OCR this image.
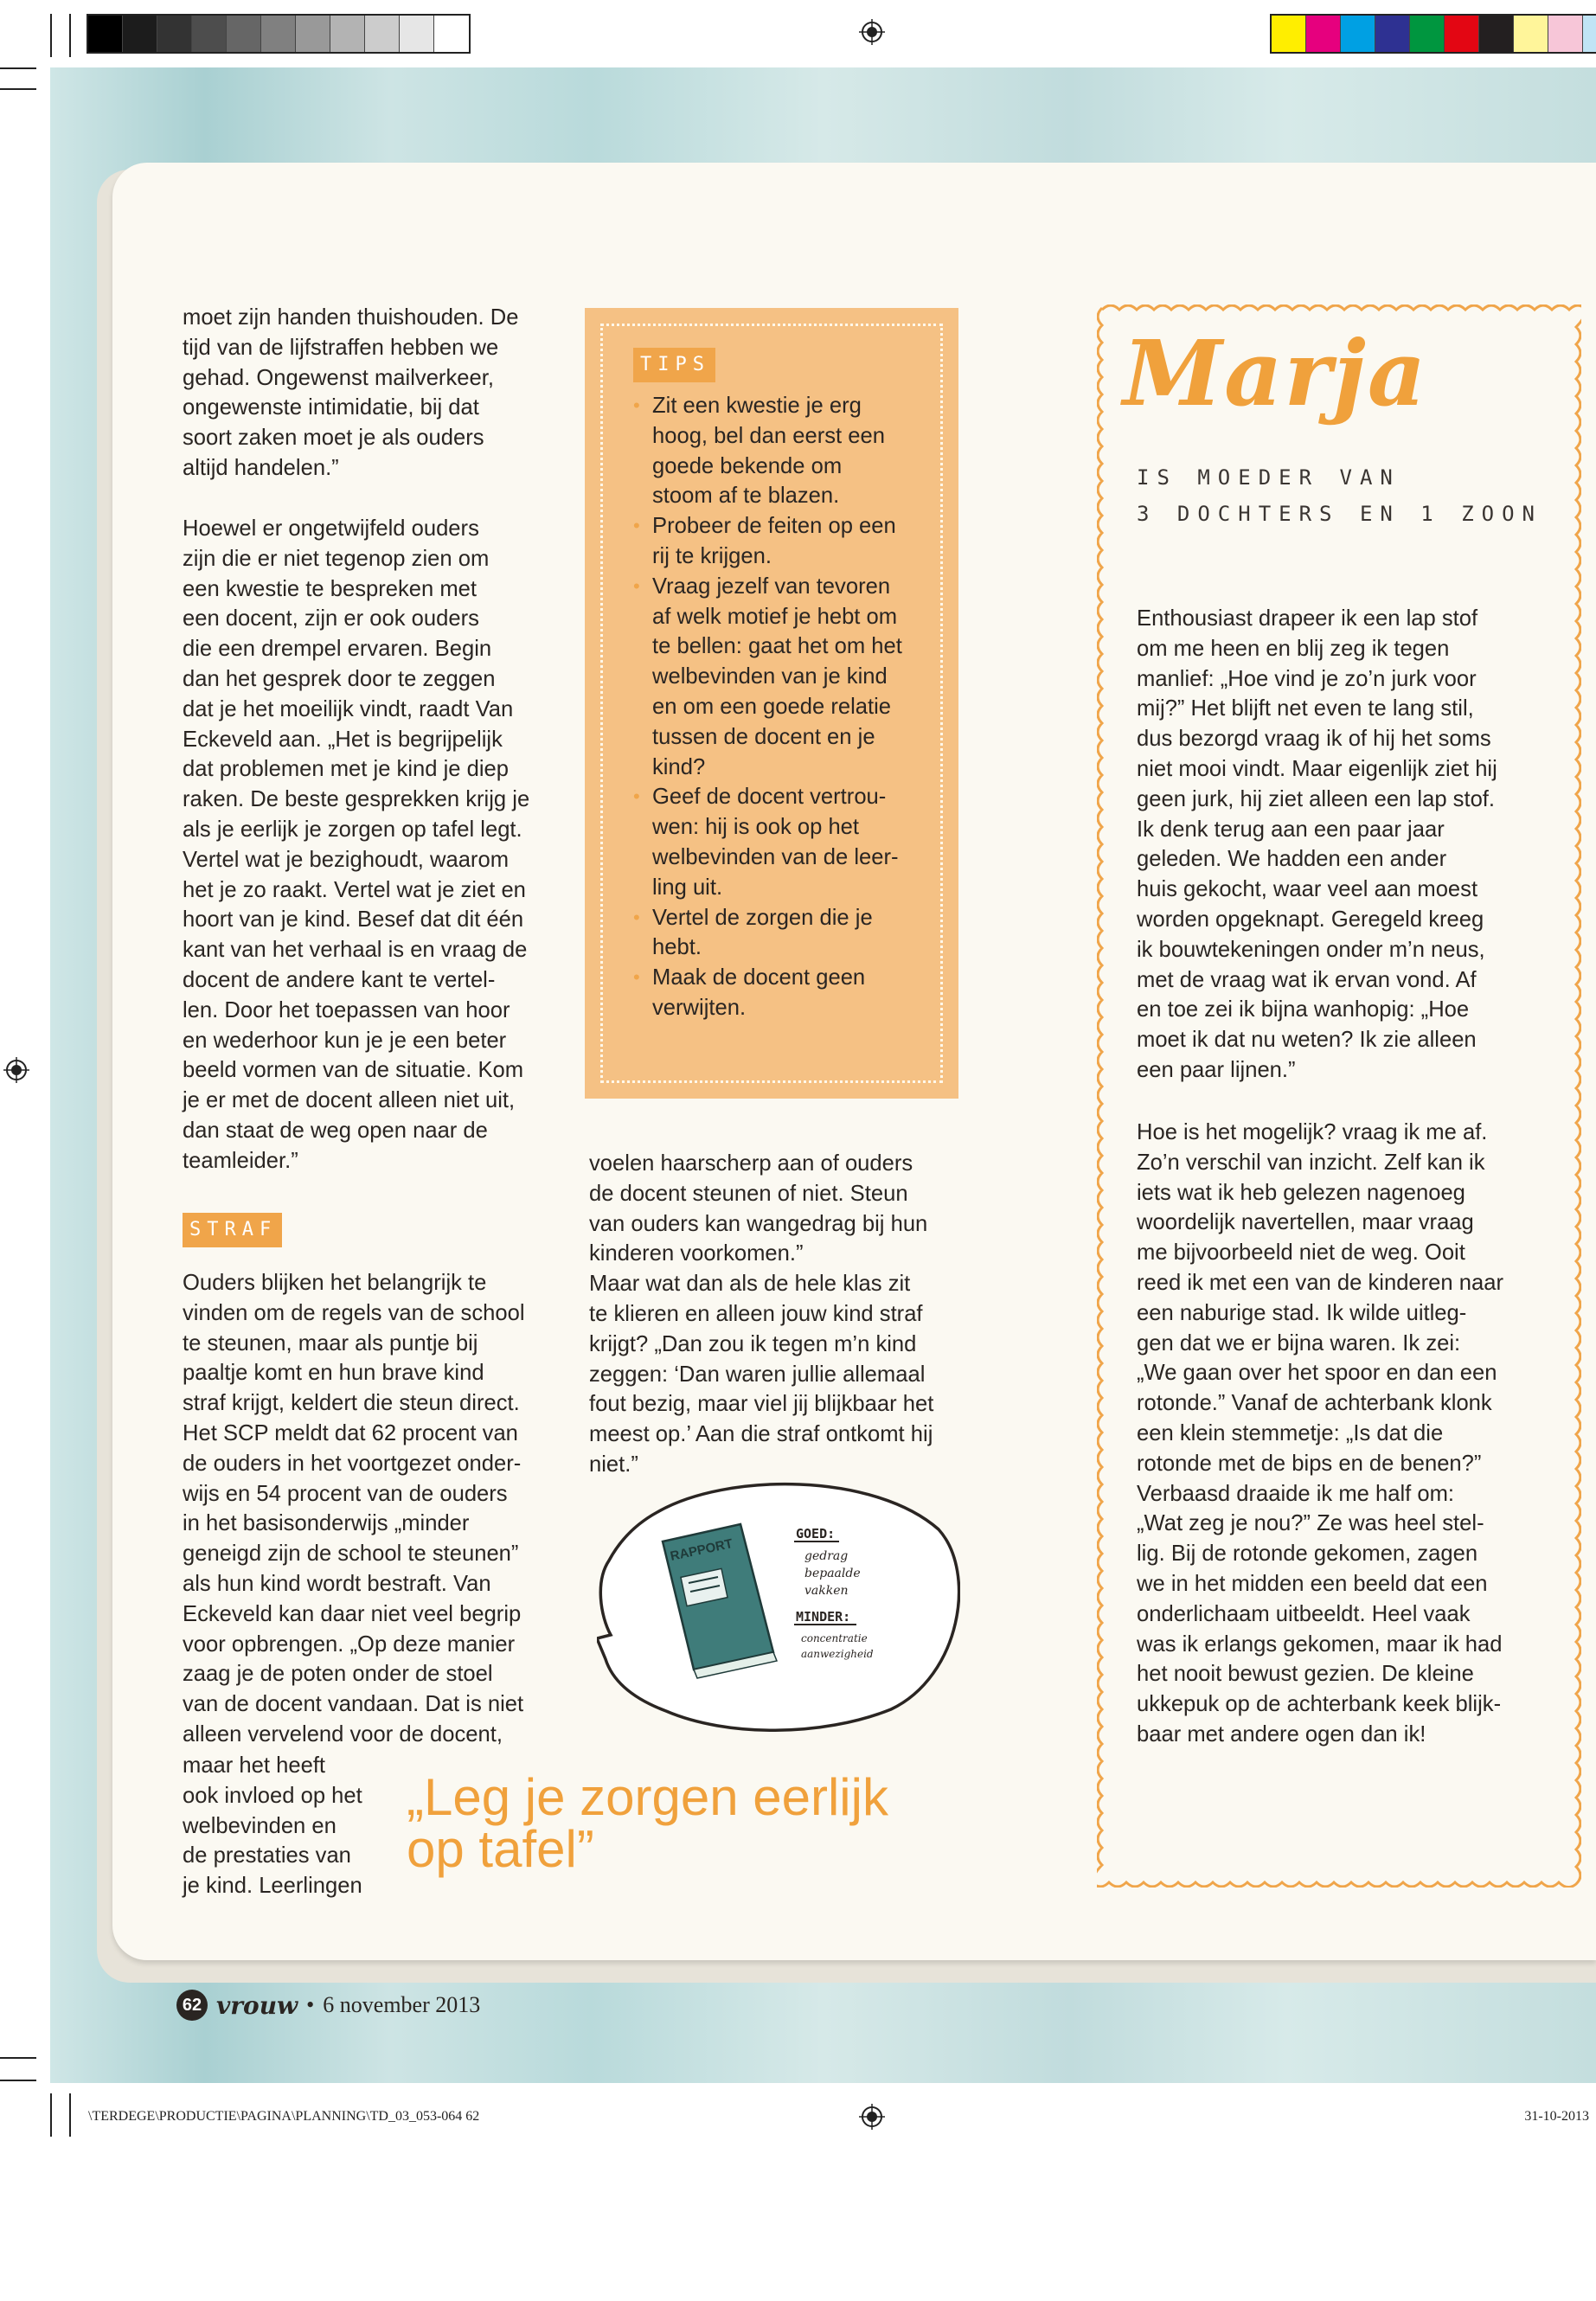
moet zijn handen thuishouden. De
tijd van de lijfstraffen hebben we
gehad. Ongewenst mailverkeer,
ongewenste intimidatie, bij dat
soort zaken moet je als ouders
altijd handelen.”

Hoewel er ongetwijfeld ouders
zijn die er niet tegenop zien om
een kwestie te bespreken met
een docent, zijn er ook ouders
die een drempel ervaren. Begin
dan het gesprek door te zeggen
dat je het moeilijk vindt, raadt Van
Eckeveld aan. „Het is begrijpelijk
dat problemen met je kind je diep
raken. De beste gesprekken krijg je
als je eerlijk je zorgen op tafel legt.
Vertel wat je bezighoudt, waarom
het je zo raakt. Vertel wat je ziet en
hoort van je kind. Besef dat dit één
kant van het verhaal is en vraag de
docent de andere kant te vertel-
len. Door het toepassen van hoor
en wederhoor kun je je een beter
beeld vormen van de situatie. Kom
je er met de docent alleen niet uit,
dan staat de weg open naar de
teamleider.”

STRAF

Ouders blijken het belangrijk te
vinden om de regels van de school
te steunen, maar als puntje bij
paaltje komt en hun brave kind
straf krijgt, keldert die steun direct.
Het SCP meldt dat 62 procent van
de ouders in het voortgezet onder-
wijs en 54 procent van de ouders
in het basisonderwijs „minder
geneigd zijn de school te steunen”
als hun kind wordt bestraft. Van
Eckeveld kan daar niet veel begrip
voor opbrengen. „Op deze manier
zaag je de poten onder de stoel
van de docent vandaan. Dat is niet
alleen vervelend voor de docent,

maar het heeft
ook invloed op het
welbevinden en
de prestaties van
je kind. Leerlingen

TIPS
• Zit een kwestie je erg
hoog, bel dan eerst een
goede bekende om
stoom af te blazen.
• Probeer de feiten op een
rij te krijgen.
• Vraag jezelf van tevoren
af welk motief je hebt om
te bellen: gaat het om het
welbevinden van je kind
en om een goede relatie
tussen de docent en je
kind?
• Geef de docent vertrou-
wen: hij is ook op het
welbevinden van de leer-
ling uit.
• Vertel de zorgen die je
hebt.
• Maak de docent geen
verwijten.

voelen haarscherp aan of ouders
de docent steunen of niet. Steun
van ouders kan wangedrag bij hun
kinderen voorkomen.”
Maar wat dan als de hele klas zit
te klieren en alleen jouw kind straf
krijgt? „Dan zou ik tegen m’n kind
zeggen: ‘Dan waren jullie allemaal
fout bezig, maar viel jij blijkbaar het
meest op.’ Aan die straf ontkomt hij
niet.”

RAPPORT
GOED:
gedrag
bepaalde
vakken
MINDER:
concentratie
aanwezigheid
„Leg je zorgen eerlijk
op tafel”
Marja
IS MOEDER VAN
3 DOCHTERS EN 1 ZOON

Enthousiast drapeer ik een lap stof
om me heen en blij zeg ik tegen
manlief: „Hoe vind je zo’n jurk voor
mij?” Het blijft net even te lang stil,
dus bezorgd vraag ik of hij het soms
niet mooi vindt. Maar eigenlijk ziet hij
geen jurk, hij ziet alleen een lap stof.
Ik denk terug aan een paar jaar
geleden. We hadden een ander
huis gekocht, waar veel aan moest
worden opgeknapt. Geregeld kreeg
ik bouwtekeningen onder m’n neus,
met de vraag wat ik ervan vond. Af
en toe zei ik bijna wanhopig: „Hoe
moet ik dat nu weten? Ik zie alleen
een paar lijnen.”

Hoe is het mogelijk? vraag ik me af.
Zo’n verschil van inzicht. Zelf kan ik
iets wat ik heb gelezen nagenoeg
woordelijk navertellen, maar vraag
me bijvoorbeeld niet de weg. Ooit
reed ik met een van de kinderen naar
een naburige stad. Ik wilde uitleg-
gen dat we er bijna waren. Ik zei:
„We gaan over het spoor en dan een
rotonde.” Vanaf de achterbank klonk
een klein stemmetje: „Is dat die
rotonde met de bips en de benen?”
Verbaasd draaide ik me half om:
„Wat zeg je nou?” Ze was heel stel-
lig. Bij de rotonde gekomen, zagen
we in het midden een beeld dat een
onderlichaam uitbeeldt. Heel vaak
was ik erlangs gekomen, maar ik had
het nooit bewust gezien. De kleine
ukkepuk op de achterbank keek blijk-
baar met andere ogen dan ik!

62 vrouw • 6 november 2013
\TERDEGE\PRODUCTIE\PAGINA\PLANNING\TD_03_053-064 62	31-10-2013
